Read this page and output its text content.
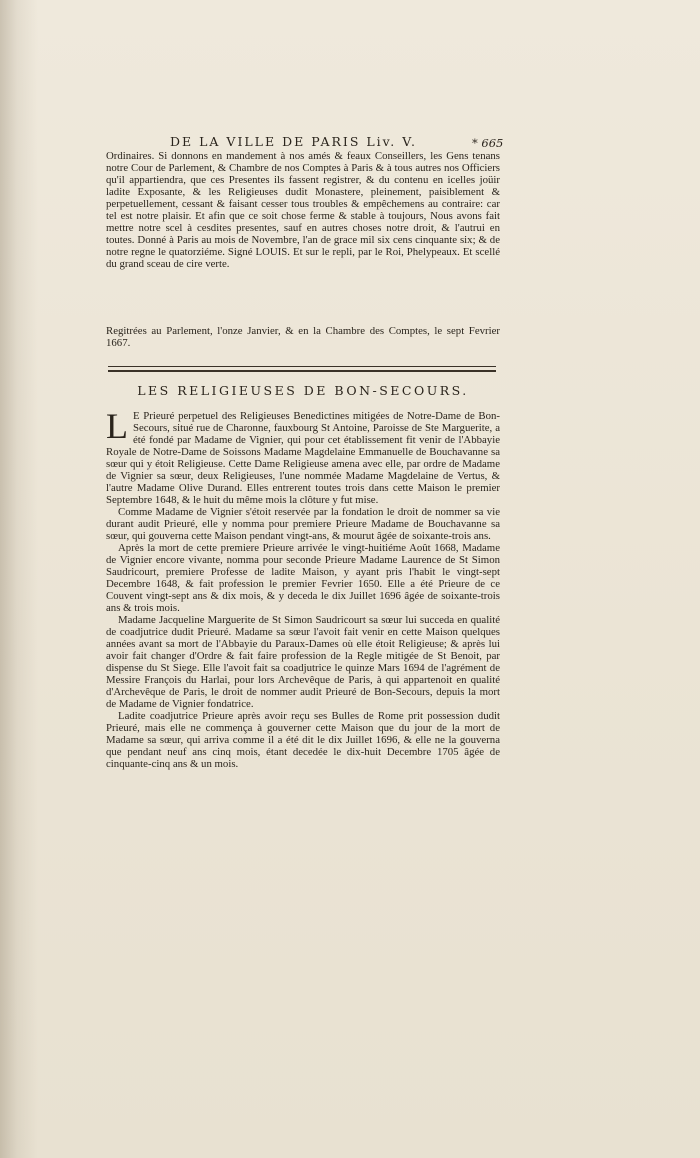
DE LA VILLE DE PARIS Liv. V.	* 665

Ordinaires. Si donnons en mandement à nos amés & feaux Conseillers, les Gens tenans notre Cour de Parlement, & Chambre de nos Comptes à Paris & à tous autres nos Officiers qu'il appartiendra, que ces Presentes ils fassent registrer, & du contenu en icelles joüir ladite Exposante, & les Religieuses dudit Monastere, pleinement, paisiblement & perpetuellement, cessant & faisant cesser tous troubles & empêchemens au contraire: car tel est notre plaisir. Et afin que ce soit chose ferme & stable à toujours, Nous avons fait mettre notre scel à cesdites presentes, sauf en autres choses notre droit, & l'autrui en toutes. Donné à Paris au mois de Novembre, l'an de grace mil six cens cinquante six; & de notre regne le quatorziéme. Signé LOUIS. Et sur le repli, par le Roi, Phelypeaux. Et scellé du grand sceau de cire verte.

Regitrées au Parlement, l'onze Janvier, & en la Chambre des Comptes, le sept Fevrier 1667.

LES RELIGIEUSES DE BON-SECOURS.

L E Prieuré perpetuel des Religieuses Benedictines mitigées de Notre-Dame de Bon-Secours, situé rue de Charonne, fauxbourg St Antoine, Paroisse de Ste Marguerite, a été fondé par Madame de Vignier, qui pour cet établissement fit venir de l'Abbayie Royale de Notre-Dame de Soissons Madame Magdelaine Emmanuelle de Bouchavanne sa sœur qui y étoit Religieuse. Cette Dame Religieuse amena avec elle, par ordre de Madame de Vignier sa sœur, deux Religieuses, l'une nommée Madame Magdelaine de Vertus, & l'autre Madame Olive Durand. Elles entrerent toutes trois dans cette Maison le premier Septembre 1648, & le huit du même mois la clôture y fut mise.

Comme Madame de Vignier s'étoit reservée par la fondation le droit de nommer sa vie durant audit Prieuré, elle y nomma pour premiere Prieure Madame de Bouchavanne sa sœur, qui gouverna cette Maison pendant vingt-ans, & mourut âgée de soixante-trois ans.

Après la mort de cette premiere Prieure arrivée le vingt-huitiéme Août 1668, Madame de Vignier encore vivante, nomma pour seconde Prieure Madame Laurence de St Simon Saudricourt, premiere Professe de ladite Maison, y ayant pris l'habit le vingt-sept Decembre 1648, & fait profession le premier Fevrier 1650. Elle a été Prieure de ce Couvent vingt-sept ans & dix mois, & y deceda le dix Juillet 1696 âgée de soixante-trois ans & trois mois.

Madame Jacqueline Marguerite de St Simon Saudricourt sa sœur lui succeda en qualité de coadjutrice dudit Prieuré. Madame sa sœur l'avoit fait venir en cette Maison quelques années avant sa mort de l'Abbayie du Paraux-Dames où elle étoit Religieuse; & après lui avoir fait changer d'Ordre & fait faire profession de la Regle mitigée de St Benoit, par dispense du St Siege. Elle l'avoit fait sa coadjutrice le quinze Mars 1694 de l'agrément de Messire François du Harlai, pour lors Archevêque de Paris, à qui appartenoit en qualité d'Archevêque de Paris, le droit de nommer audit Prieuré de Bon-Secours, depuis la mort de Madame de Vignier fondatrice.

Ladite coadjutrice Prieure après avoir reçu ses Bulles de Rome prit possession dudit Prieuré, mais elle ne commença à gouverner cette Maison que du jour de la mort de Madame sa sœur, qui arriva comme il a été dit le dix Juillet 1696, & elle ne la gouverna que pendant neuf ans cinq mois, étant decedée le dix-huit Decembre 1705 âgée de cinquante-cinq ans & un mois.
